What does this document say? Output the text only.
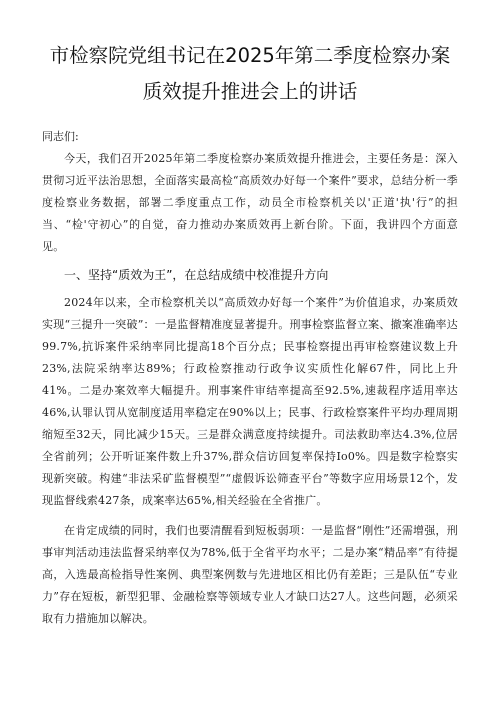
市检察院党组书记在2025年第二季度检察办案质效提升推进会上的讲话

同志们:

今天，我们召开2025年第二季度检察办案质效提升推进会，主要任务是：深入贯彻习近平法治思想，全面落实最高检“高质效办好每一个案件”要求，总结分析一季度检察业务数据，部署二季度重点工作，动员全市检察机关以'正道'执'行”的担当、“检'守初心”的自觉，奋力推动办案质效再上新台阶。下面，我讲四个方面意见。

一、坚持“质效为王”，在总结成绩中校准提升方向

2024年以来，全市检察机关以“高质效办好每一个案件”为价值追求，办案质效实现“三提升一突破”：一是监督精准度显著提升。刑事检察监督立案、撤案准确率达99.7%,抗诉案件采纳率同比提高18个百分点；民事检察提出再审检察建议数上升23%,法院采纳率达89%；行政检察推动行政争议实质性化解67件，同比上升41%。二是办案效率大幅提升。刑事案件审结率提高至92.5%,速裁程序适用率达46%,认罪认罚从宽制度适用率稳定在90%以上；民事、行政检察案件平均办理周期缩短至32天，同比减少15天。三是群众满意度持续提升。司法救助率达4.3%,位居全省前列；公开听证案件数上升37%,群众信访回复率保持Io0%。四是数字检察实现新突破。构建“非法采矿监督模型”“虚假诉讼筛查平台”等数字应用场景12个，发现监督线索427条，成案率达65%,相关经验在全省推广。

在肯定成绩的同时，我们也要清醒看到短板弱项：一是监督“刚性”还需增强，刑事审判活动违法监督采纳率仅为78%,低于全省平均水平；二是办案“精品率”有待提高，入选最高检指导性案例、典型案例数与先进地区相比仍有差距；三是队伍“专业力”存在短板，新型犯罪、金融检察等领域专业人才缺口达27人。这些问题，必须采取有力措施加以解决。
